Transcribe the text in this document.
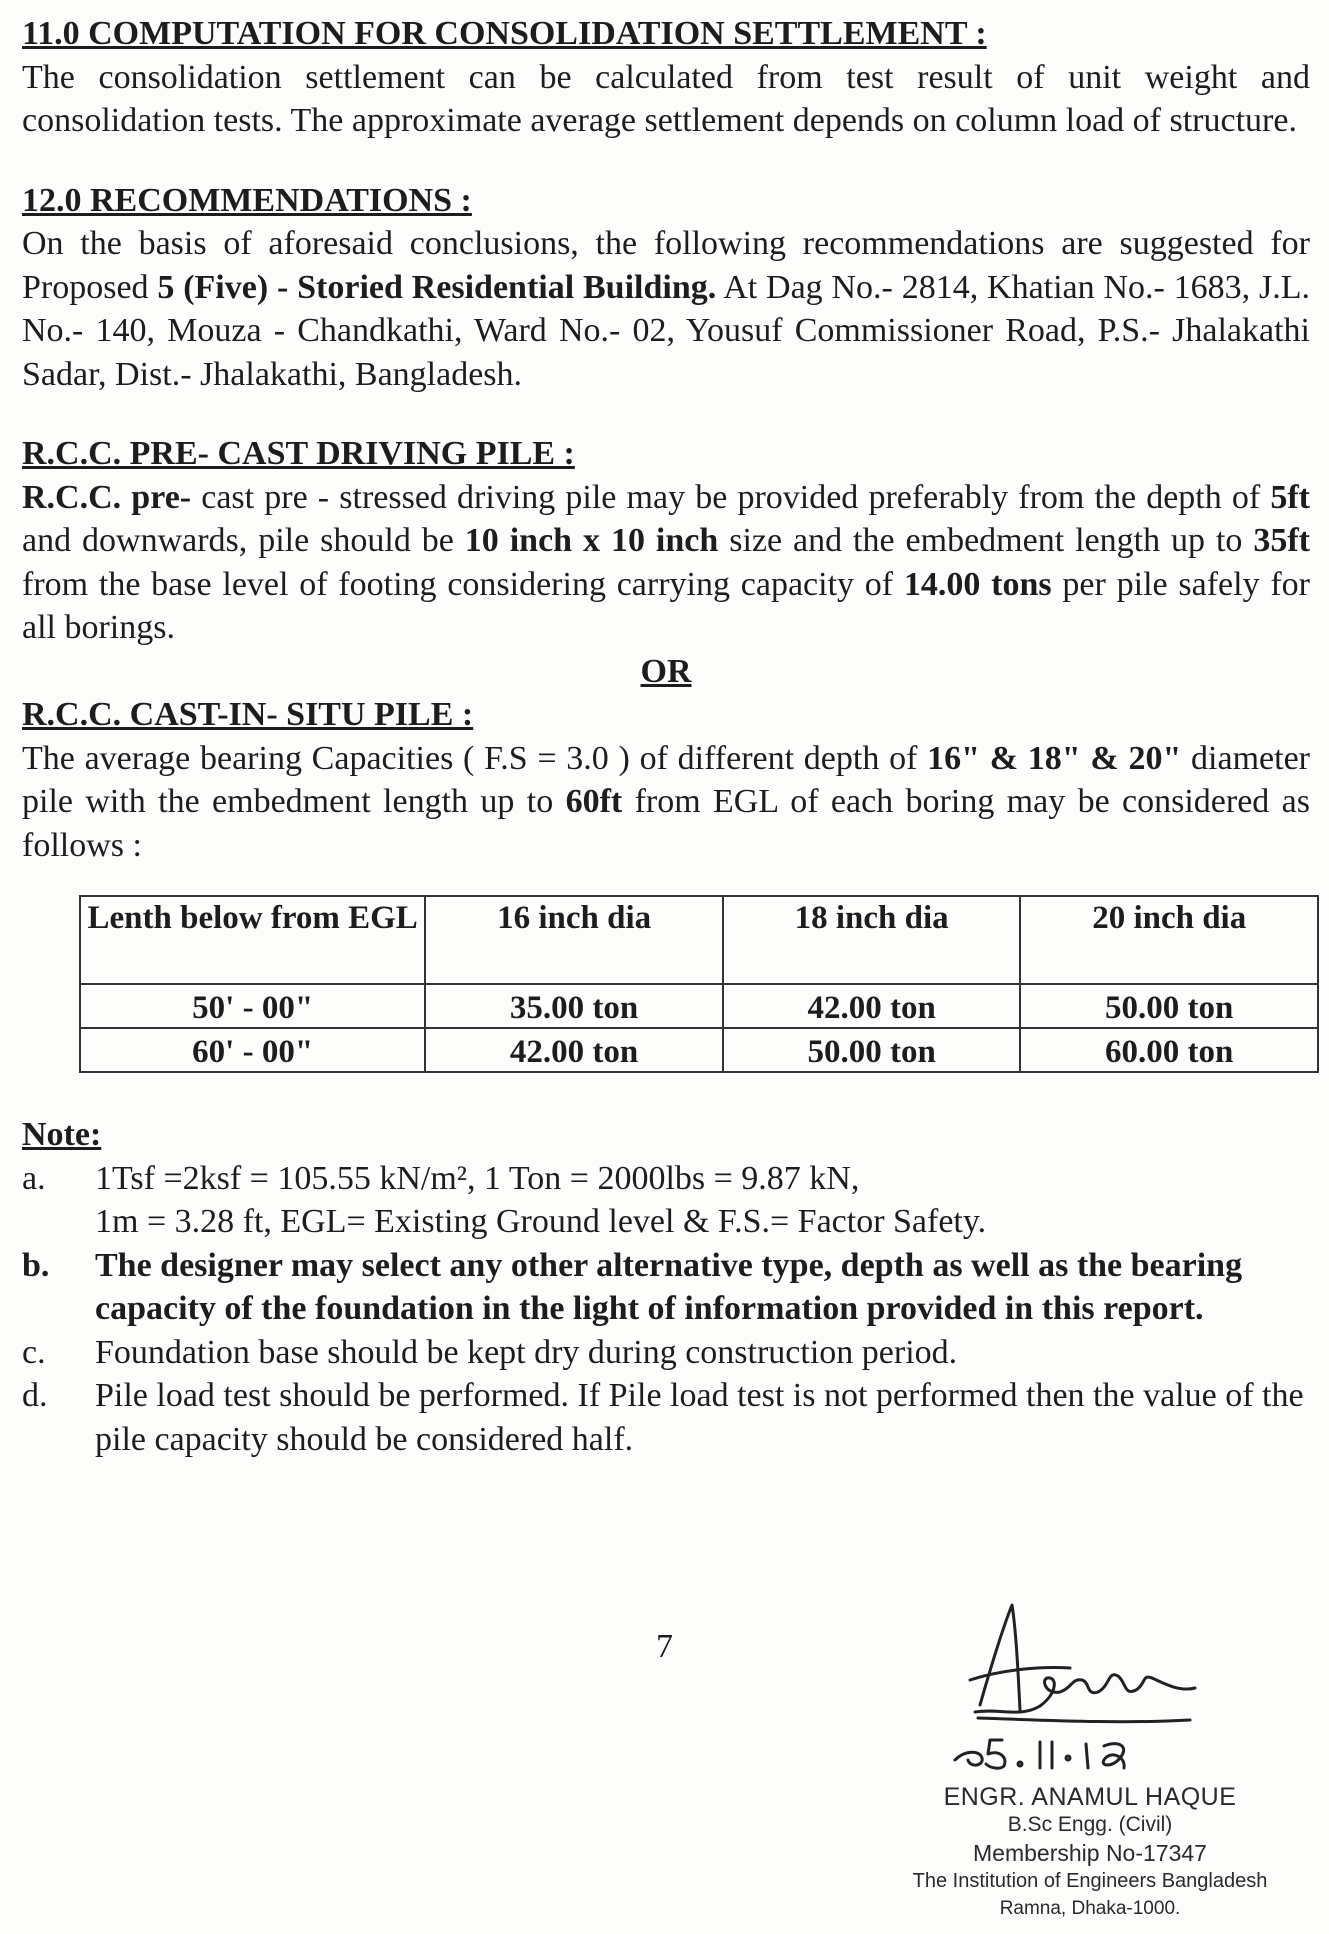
11.0 COMPUTATION FOR CONSOLIDATION SETTLEMENT :

The consolidation settlement can be calculated from test result of unit weight and consolidation tests. The approximate average settlement depends on column load of structure.

12.0 RECOMMENDATIONS :

On the basis of aforesaid conclusions, the following recommendations are suggested for Proposed 5 (Five) - Storied Residential Building. At Dag No.- 2814, Khatian No.- 1683, J.L. No.- 140, Mouza - Chandkathi, Ward No.- 02, Yousuf Commissioner Road, P.S.- Jhalakathi Sadar, Dist.- Jhalakathi, Bangladesh.

R.C.C. PRE- CAST DRIVING PILE :

R.C.C. pre- cast pre - stressed driving pile may be provided preferably from the depth of 5ft and downwards, pile should be 10 inch x 10 inch size and the embedment length up to 35ft from the base level of footing considering carrying capacity of 14.00 tons per pile safely for all borings.

OR

R.C.C. CAST-IN- SITU PILE :

The average bearing Capacities ( F.S = 3.0 ) of different depth of 16" & 18" & 20" diameter pile with the embedment length up to 60ft from EGL of each boring may be considered as follows :

Lenth below from EGL	16 inch dia	18 inch dia	20 inch dia
50' - 00"	35.00 ton	42.00 ton	50.00 ton
60' - 00"	42.00 ton	50.00 ton	60.00 ton
Note:
a. 1Tsf =2ksf = 105.55 kN/m², 1 Ton = 2000lbs = 9.87 kN,
1m = 3.28 ft, EGL= Existing Ground level & F.S.= Factor Safety.
b. The designer may select any other alternative type, depth as well as the bearing capacity of the foundation in the light of information provided in this report.
c. Foundation base should be kept dry during construction period.
d. Pile load test should be performed. If Pile load test is not performed then the value of the pile capacity should be considered half.
7
ENGR. ANAMUL HAQUE
B.Sc Engg. (Civil)
Membership No-17347
The Institution of Engineers Bangladesh
Ramna, Dhaka-1000.
